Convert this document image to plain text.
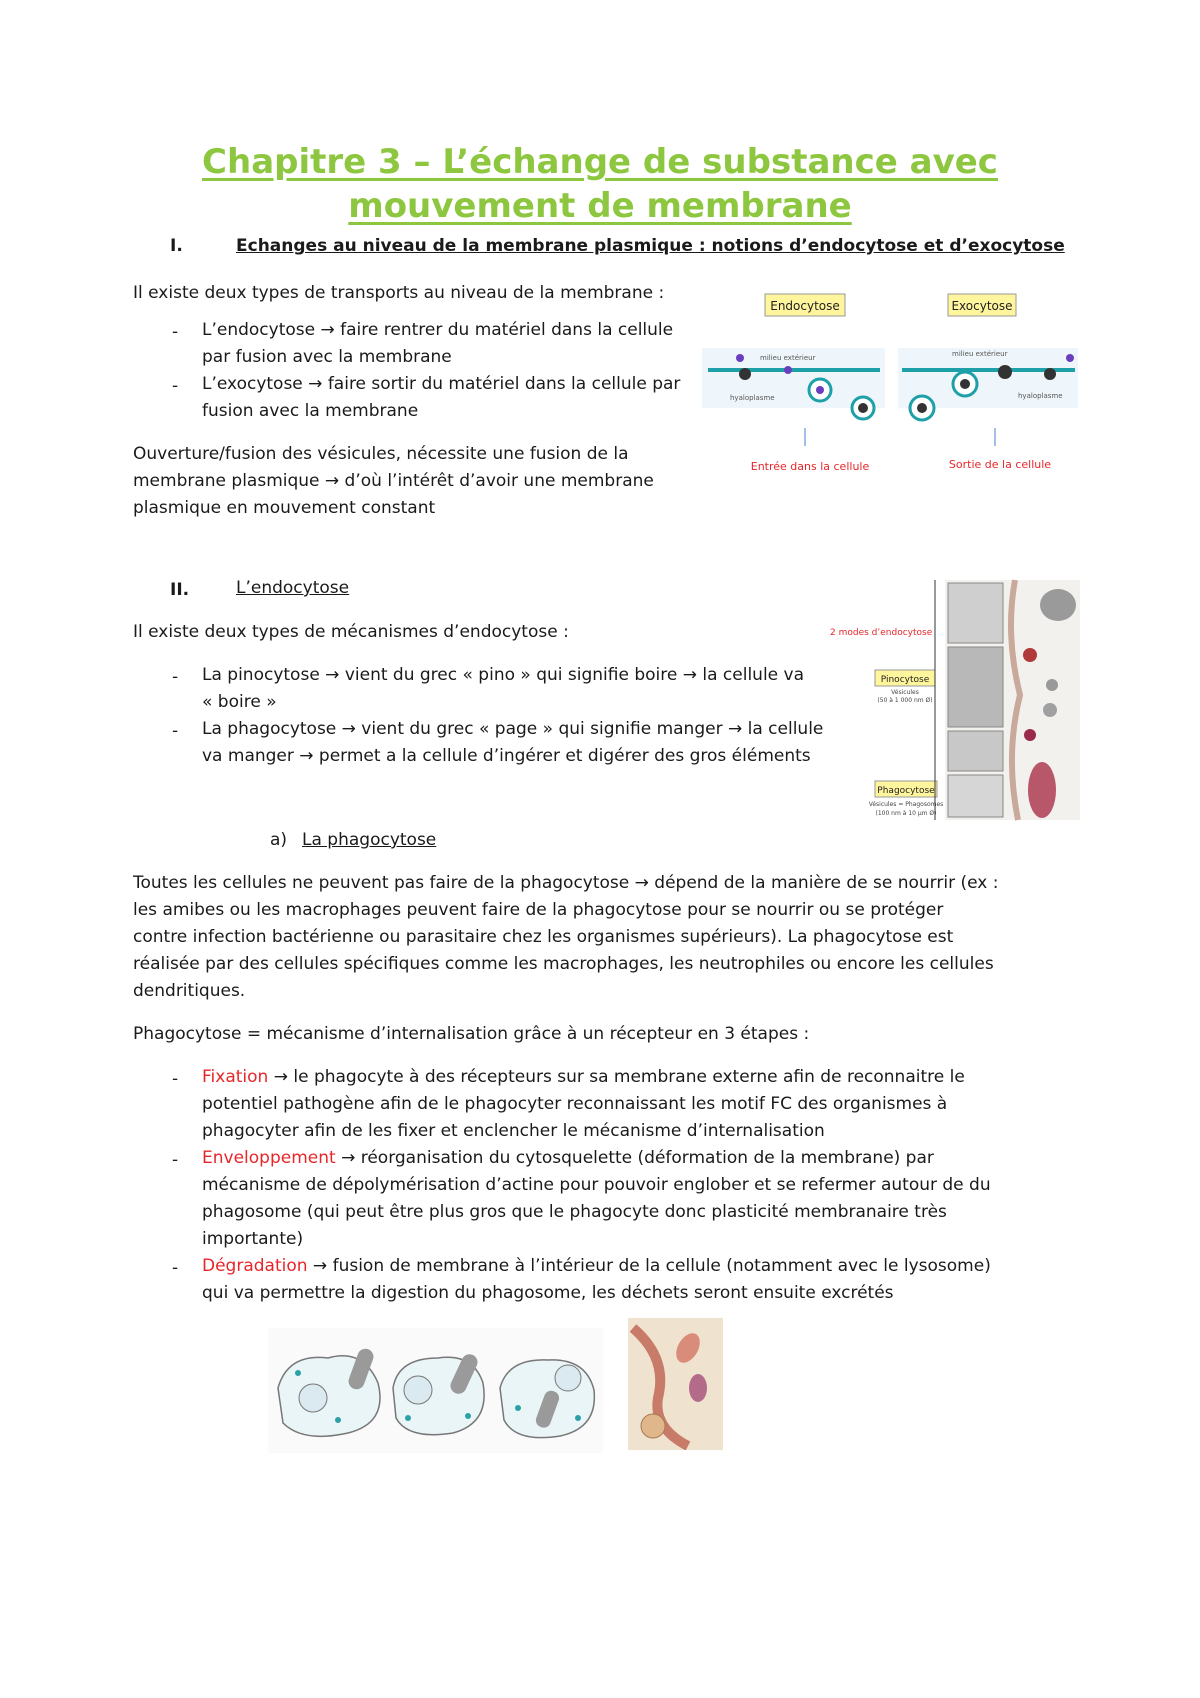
Chapitre 3 – L’échange de substance avec
mouvement de membrane
I.	Echanges au niveau de la membrane plasmique : notions d’endocytose et d’exocytose
Il existe deux types de transports au niveau de la membrane :
- L’endocytose → faire rentrer du matériel dans la cellule
par fusion avec la membrane
- L’exocytose → faire sortir du matériel dans la cellule par
fusion avec la membrane
Ouverture/fusion des vésicules, nécessite une fusion de la
membrane plasmique → d’où l’intérêt d’avoir une membrane
plasmique en mouvement constant
Endocytose	Exocytose
milieu extérieur	milieu extérieur
hyaloplasme	hyaloplasme
Entrée dans la cellule	Sortie de la cellule
II.	L’endocytose
Il existe deux types de mécanismes d’endocytose :
- La pinocytose → vient du grec « pino » qui signifie boire → la cellule va
« boire »
- La phagocytose → vient du grec « page » qui signifie manger → la cellule
va manger → permet a la cellule d’ingérer et digérer des gros éléments
2 modes d’endocytose
Pinocytose
Vésicules
(50 à 1 000 nm Ø)
Phagocytose
Vésicules = Phagosomes
(100 nm à 10 µm Ø)
a) La phagocytose
Toutes les cellules ne peuvent pas faire de la phagocytose → dépend de la manière de se nourrir (ex :
les amibes ou les macrophages peuvent faire de la phagocytose pour se nourrir ou se protéger
contre infection bactérienne ou parasitaire chez les organismes supérieurs). La phagocytose est
réalisée par des cellules spécifiques comme les macrophages, les neutrophiles ou encore les cellules
dendritiques.
Phagocytose = mécanisme d’internalisation grâce à un récepteur en 3 étapes :
- Fixation → le phagocyte à des récepteurs sur sa membrane externe afin de reconnaitre le
potentiel pathogène afin de le phagocyter reconnaissant les motif FC des organismes à
phagocyter afin de les fixer et enclencher le mécanisme d’internalisation
- Enveloppement → réorganisation du cytosquelette (déformation de la membrane) par
mécanisme de dépolymérisation d’actine pour pouvoir englober et se refermer autour de du
phagosome (qui peut être plus gros que le phagocyte donc plasticité membranaire très
importante)
- Dégradation → fusion de membrane à l’intérieur de la cellule (notamment avec le lysosome)
qui va permettre la digestion du phagosome, les déchets seront ensuite excrétés
